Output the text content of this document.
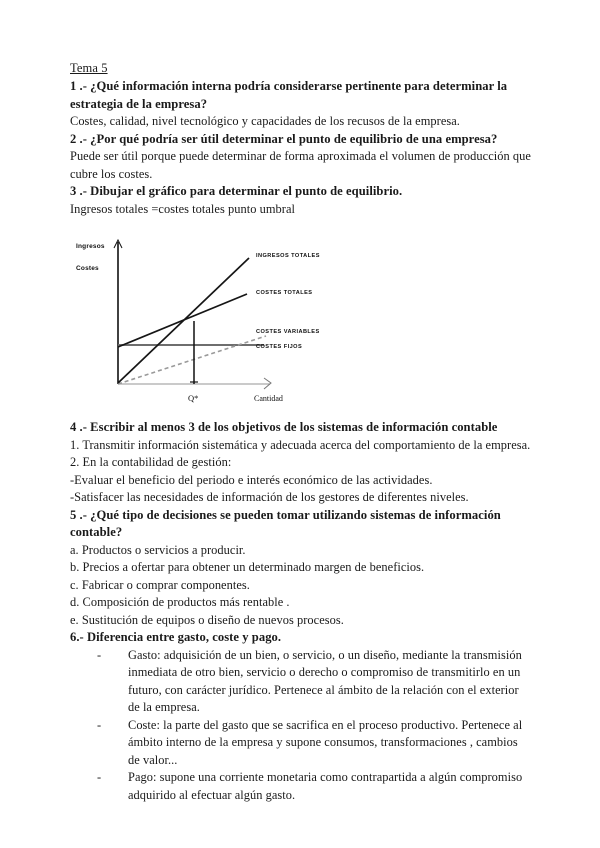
Tema 5
1 .- ¿Qué información interna podría considerarse pertinente para determinar la estrategia de la empresa?
Costes, calidad, nivel tecnológico y capacidades de los recusos de la empresa.
2 .- ¿Por qué podría ser útil determinar el punto de equilibrio de una empresa?
Puede ser útil porque puede determinar de forma aproximada el volumen de producción que cubre los costes.
3 .- Dibujar el gráfico para determinar el punto de equilibrio.
Ingresos totales =costes totales punto umbral
Ingresos
Costes
Cantidad
Q*
INGRESOS TOTALES
COSTES TOTALES
COSTES VARIABLES
COSTES FIJOS
4 .- Escribir al menos 3 de los objetivos de los sistemas de información contable
1. Transmitir información sistemática y adecuada acerca del comportamiento de la empresa.
2. En la contabilidad de gestión:
-Evaluar el beneficio del periodo e interés económico de las actividades.
-Satisfacer las necesidades de información de los gestores de diferentes niveles.
5 .- ¿Qué tipo de decisiones se pueden tomar utilizando sistemas de información contable?
a. Productos o servicios a producir.
b. Precios a ofertar para obtener un determinado margen de beneficios.
c. Fabricar o comprar componentes.
d. Composición de productos más rentable .
e. Sustitución de equipos o diseño de nuevos procesos.
6.- Diferencia entre gasto, coste y pago.
- Gasto: adquisición de un bien, o servicio, o un diseño, mediante la transmisión inmediata de otro bien, servicio o derecho o compromiso de transmitirlo en un futuro, con carácter jurídico. Pertenece al ámbito de la relación con el exterior de la empresa.
- Coste: la parte del gasto que se sacrifica en el proceso productivo. Pertenece al ámbito interno de la empresa y supone consumos, transformaciones , cambios de valor...
- Pago: supone una corriente monetaria como contrapartida a algún compromiso adquirido al efectuar algún gasto.
